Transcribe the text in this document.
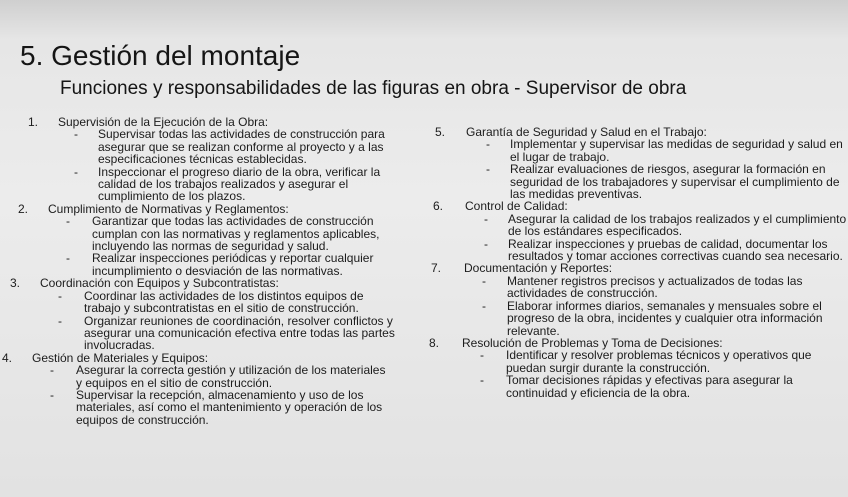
5. Gestión del montaje
Funciones y responsabilidades de las figuras en obra - Supervisor de obra
1. Supervisión de la Ejecución de la Obra:
- Supervisar todas las actividades de construcción para asegurar que se realizan conforme al proyecto y a las especificaciones técnicas establecidas.
- Inspeccionar el progreso diario de la obra, verificar la calidad de los trabajos realizados y asegurar el cumplimiento de los plazos.
2. Cumplimiento de Normativas y Reglamentos:
- Garantizar que todas las actividades de construcción cumplan con las normativas y reglamentos aplicables, incluyendo las normas de seguridad y salud.
- Realizar inspecciones periódicas y reportar cualquier incumplimiento o desviación de las normativas.
3. Coordinación con Equipos y Subcontratistas:
- Coordinar las actividades de los distintos equipos de trabajo y subcontratistas en el sitio de construcción.
- Organizar reuniones de coordinación, resolver conflictos y asegurar una comunicación efectiva entre todas las partes involucradas.
4. Gestión de Materiales y Equipos:
- Asegurar la correcta gestión y utilización de los materiales y equipos en el sitio de construcción.
- Supervisar la recepción, almacenamiento y uso de los materiales, así como el mantenimiento y operación de los equipos de construcción.
5. Garantía de Seguridad y Salud en el Trabajo:
- Implementar y supervisar las medidas de seguridad y salud en el lugar de trabajo.
- Realizar evaluaciones de riesgos, asegurar la formación en seguridad de los trabajadores y supervisar el cumplimiento de las medidas preventivas.
6. Control de Calidad:
- Asegurar la calidad de los trabajos realizados y el cumplimiento de los estándares especificados.
- Realizar inspecciones y pruebas de calidad, documentar los resultados y tomar acciones correctivas cuando sea necesario.
7. Documentación y Reportes:
- Mantener registros precisos y actualizados de todas las actividades de construcción.
- Elaborar informes diarios, semanales y mensuales sobre el progreso de la obra, incidentes y cualquier otra información relevante.
8. Resolución de Problemas y Toma de Decisiones:
- Identificar y resolver problemas técnicos y operativos que puedan surgir durante la construcción.
- Tomar decisiones rápidas y efectivas para asegurar la continuidad y eficiencia de la obra.
